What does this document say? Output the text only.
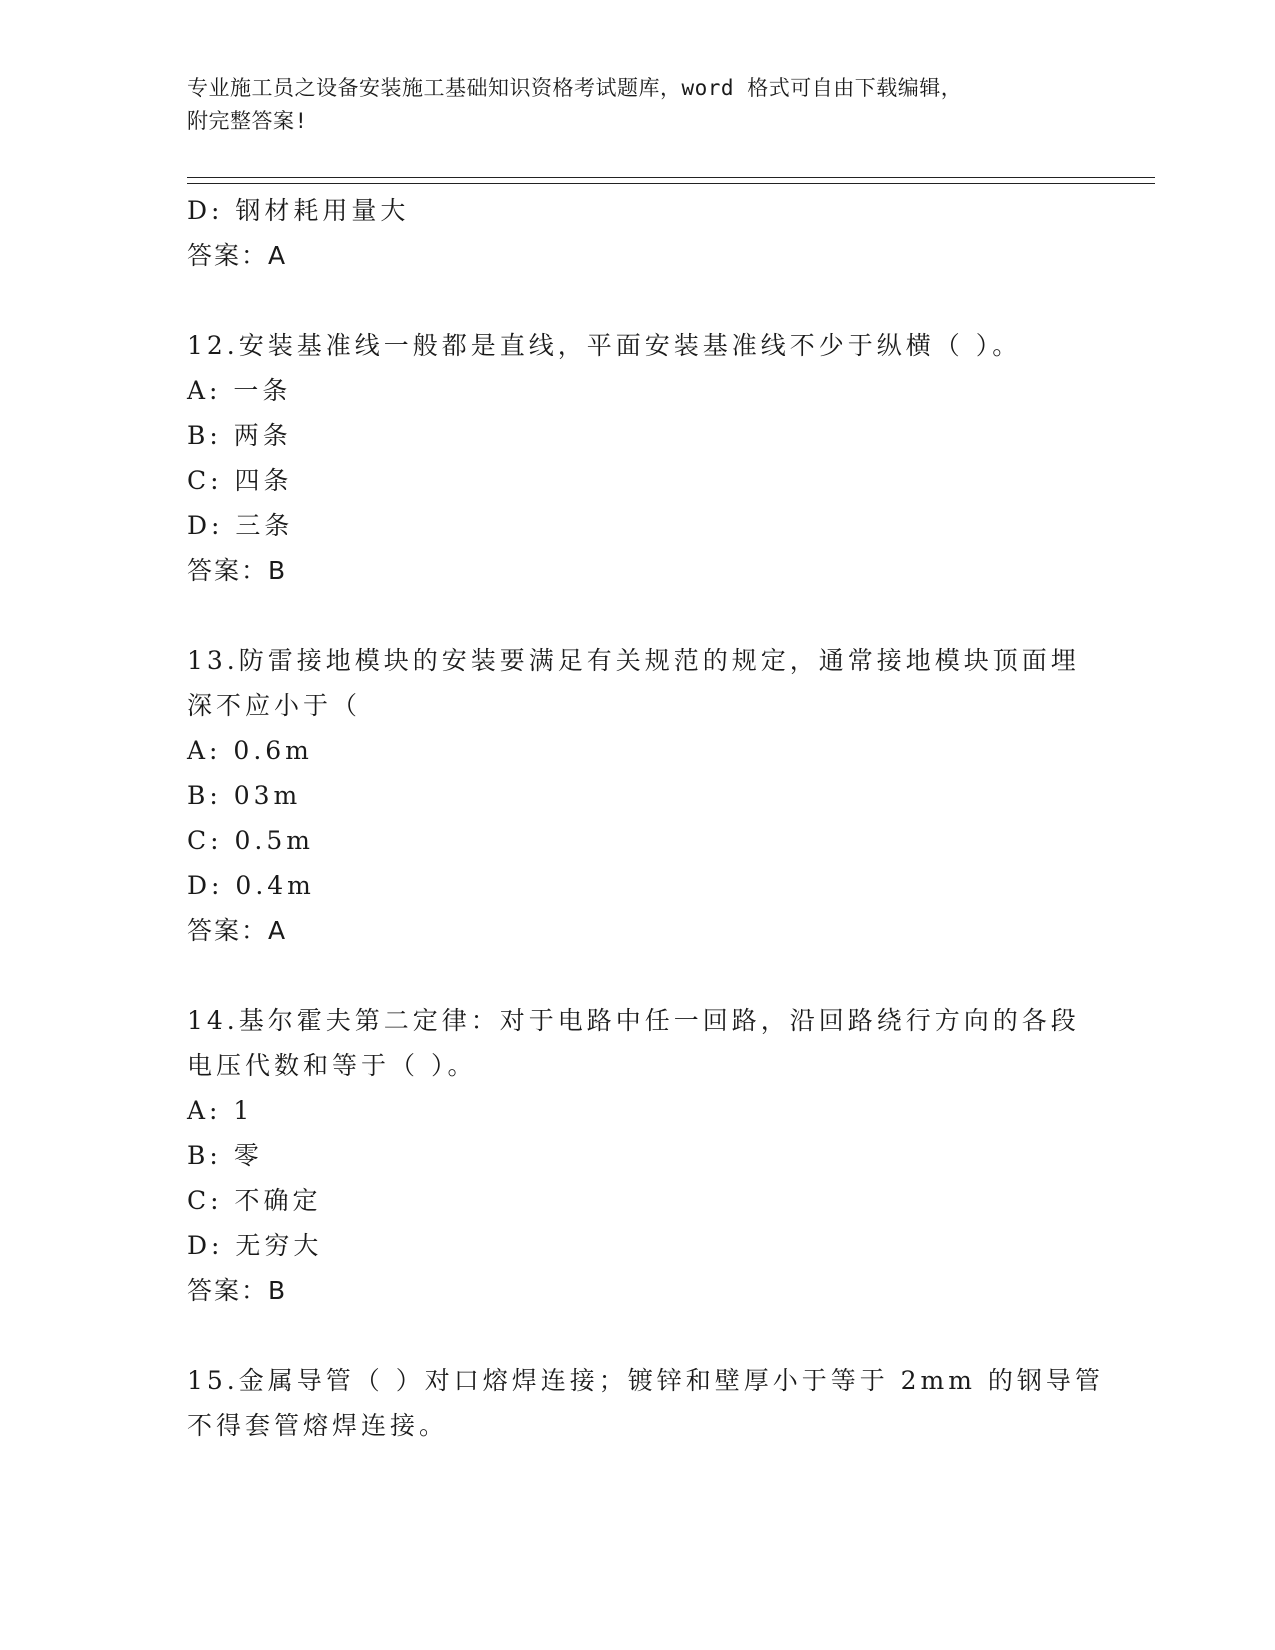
专业施工员之设备安装施工基础知识资格考试题库，word 格式可自由下载编辑，
附完整答案!
D: 钢材耗用量大
答案：A
12.安装基准线一般都是直线，平面安装基准线不少于纵横（ ）。
A: 一条
B: 两条
C: 四条
D: 三条
答案：B
13.防雷接地模块的安装要满足有关规范的规定，通常接地模块顶面埋
深不应小于（
A: 0.6m
B: 03m
C: 0.5m
D: 0.4m
答案：A
14.基尔霍夫第二定律：对于电路中任一回路，沿回路绕行方向的各段
电压代数和等于（ ）。
A: 1
B: 零
C: 不确定
D: 无穷大
答案：B
15.金属导管（ ）对口熔焊连接；镀锌和壁厚小于等于 2mm 的钢导管
不得套管熔焊连接。
